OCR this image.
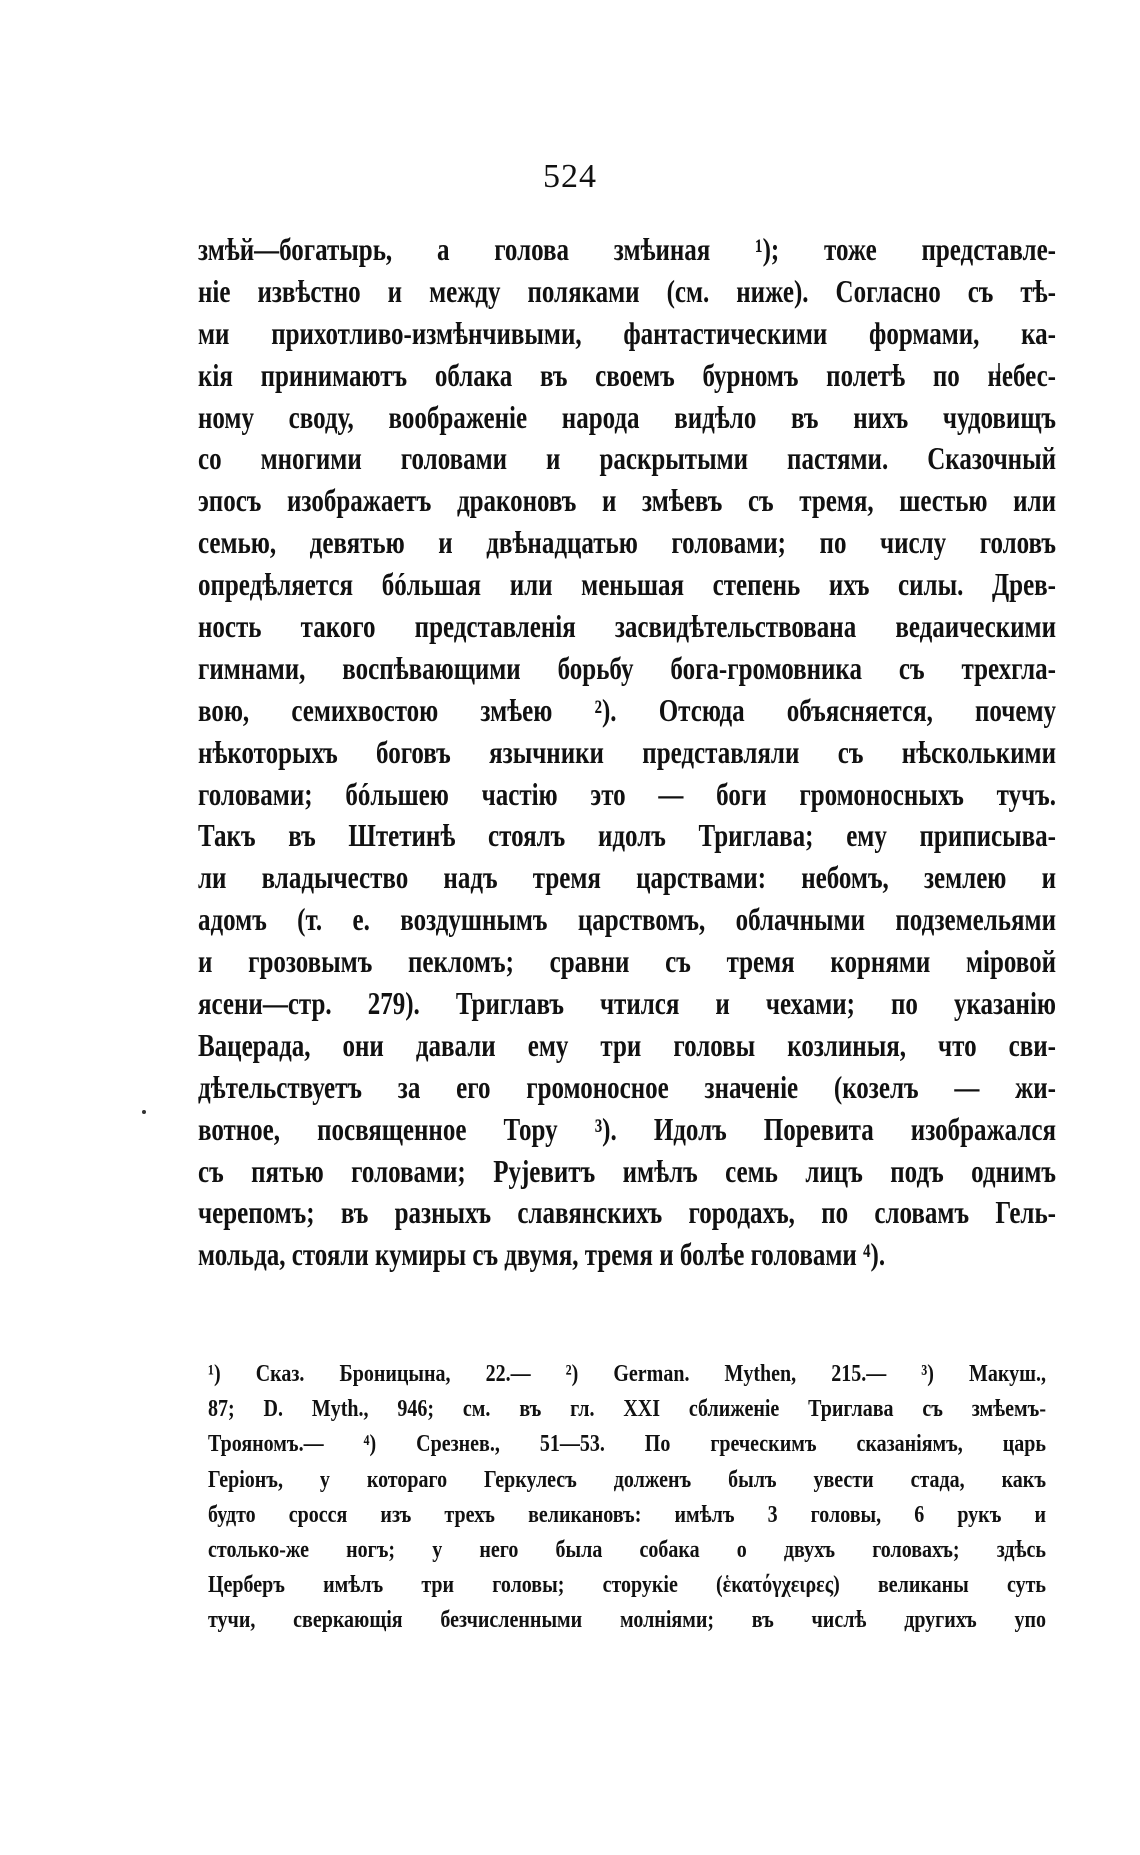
524
змѣй—богатырь, а голова змѣиная ¹); тоже представле-
ніе извѣстно и между поляками (см. ниже). Согласно съ тѣ-
ми прихотливо-измѣнчивыми, фантастическими формами, ка-
кія принимаютъ облака въ своемъ бурномъ полетѣ по небес-
ному своду, воображеніе народа видѣло въ нихъ чудовищъ
со многими головами и раскрытыми пастями. Сказочный
эпосъ изображаетъ драконовъ и змѣевъ съ тремя, шестью или
семью, девятью и двѣнадцатью головами; по числу головъ
опредѣляется бóльшая или меньшая степень ихъ силы. Древ-
ность такого представленія засвидѣтельствована ведаическими
гимнами, воспѣвающими борьбу бога-громовника съ трехгла-
вою, семихвостою змѣею ²). Отсюда объясняется, почему
нѣкоторыхъ боговъ язычники представляли съ нѣсколькими
головами; бóльшею частію это — боги громоносныхъ тучъ.
Такъ въ Штетинѣ стоялъ идолъ Триглава; ему приписыва-
ли владычество надъ тремя царствами: небомъ, землею и
адомъ (т. е. воздушнымъ царствомъ, облачными подземельями
и грозовымъ пекломъ; сравни съ тремя корнями міровой
ясени—стр. 279). Триглавъ чтился и чехами; по указанію
Вацерада, они давали ему три головы козлиныя, что сви-
дѣтельствуетъ за его громоносное значеніе (козелъ — жи-
вотное, посвященное Тору ³). Идолъ Поревита изображался
съ пятью головами; Руjевитъ имѣлъ семь лицъ подъ однимъ
черепомъ; въ разныхъ славянскихъ городахъ, по словамъ Гель-
мольда, стояли кумиры съ двумя, тремя и болѣе головами ⁴).
¹) Сказ. Броницына, 22.— ²) German. Mythen, 215.— ³) Макуш.,
87; D. Myth., 946; см. въ гл. XXI сближеніе Триглава съ змѣемъ-
Трояномъ.— ⁴) Срезнев., 51—53. По греческимъ сказаніямъ, царь
Геріонъ, у котораго Геркулесъ долженъ былъ увести стада, какъ
будто сросся изъ трехъ великановъ: имѣлъ 3 головы, 6 рукъ и
столько-же ногъ; у него была собака о двухъ головахъ; здѣсь
Церберъ имѣлъ три головы; сторукіе (ἑκατόγχειρες) великаны суть
тучи, сверкающія безчисленными молніями; въ числѣ другихъ упо
